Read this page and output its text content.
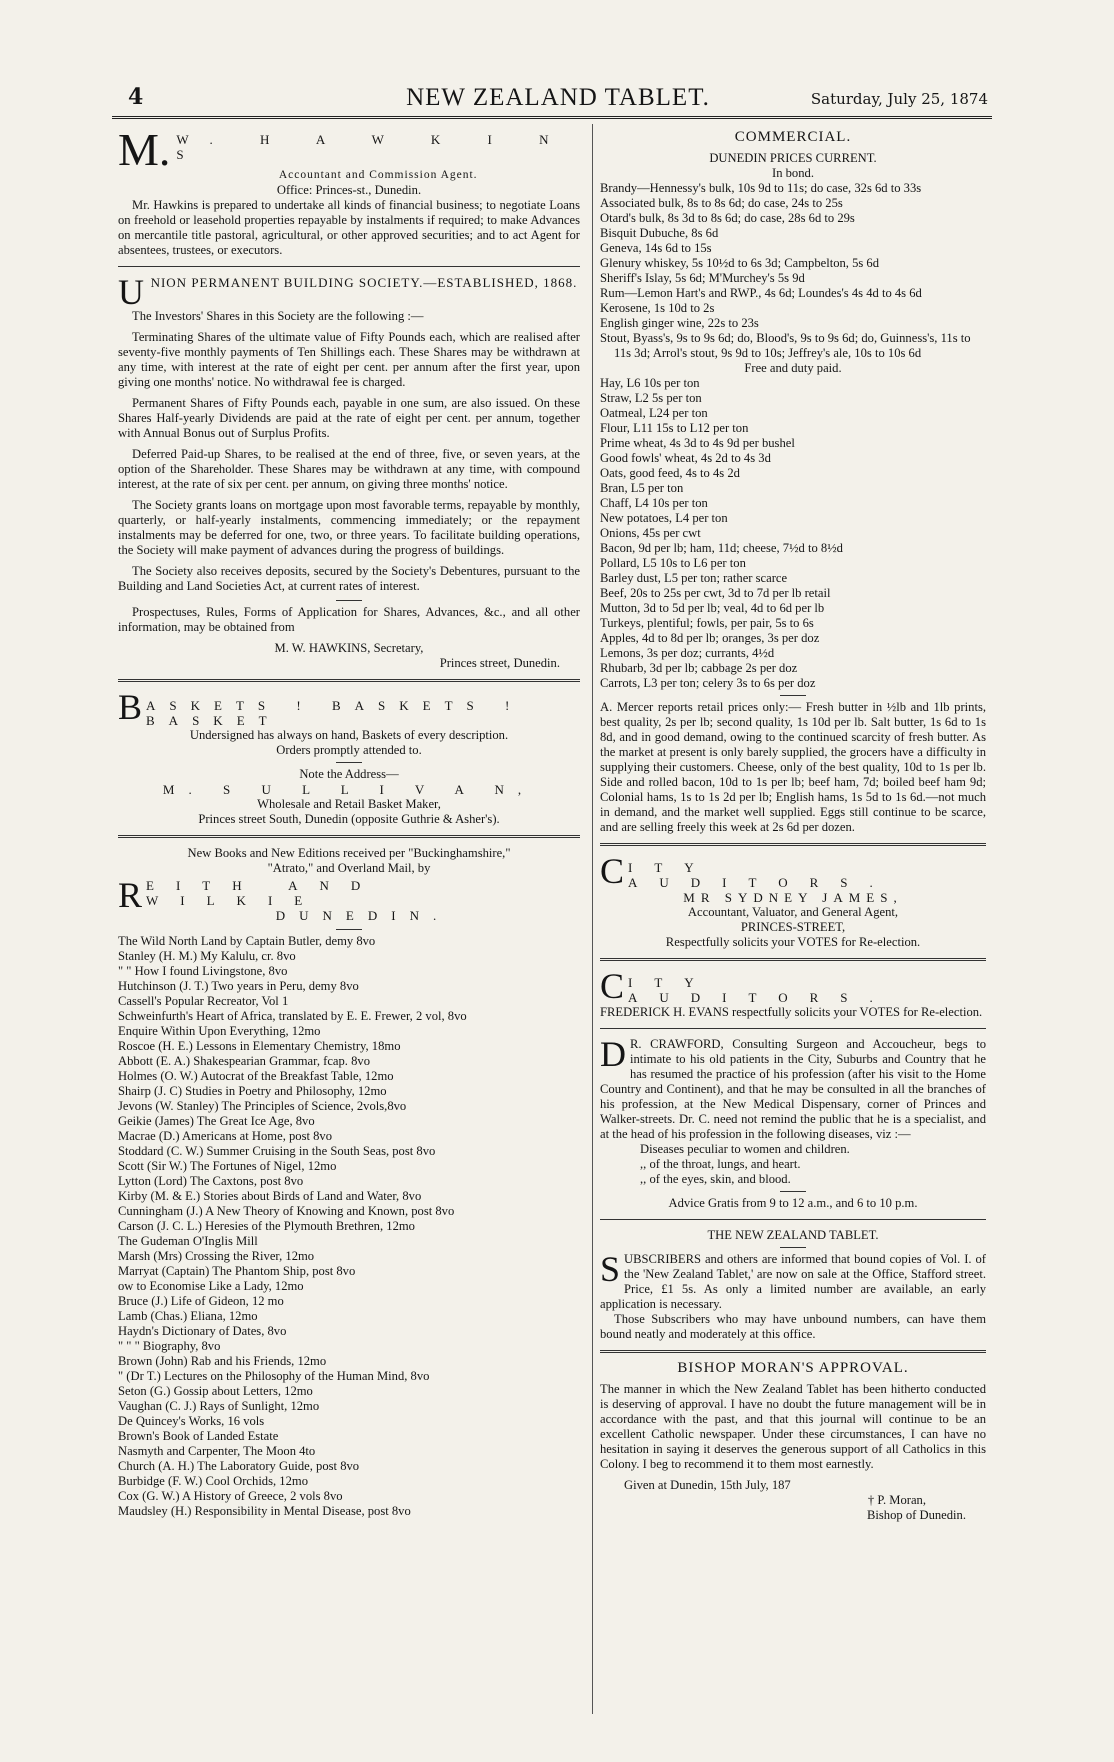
4	NEW ZEALAND TABLET.	Saturday, July 25, 1874
M. W. H A W K I N S
Accountant and Commission Agent.
Office: Princes-st., Dunedin.

Mr. Hawkins is prepared to undertake all kinds of financial business; to negotiate Loans on freehold or leasehold properties repayable by instalments if required; to make Advances on mercantile title pastoral, agricultural, or other approved securities; and to act Agent for absentees, trustees, or executors.

U NION PERMANENT BUILDING SOCIETY.—ESTABLISHED, 1868.

The Investors' Shares in this Society are the following :—

Terminating Shares of the ultimate value of Fifty Pounds each, which are realised after seventy-five monthly payments of Ten Shillings each. These Shares may be withdrawn at any time, with interest at the rate of eight per cent. per annum after the first year, upon giving one months' notice. No withdrawal fee is charged.

Permanent Shares of Fifty Pounds each, payable in one sum, are also issued. On these Shares Half-yearly Dividends are paid at the rate of eight per cent. per annum, together with Annual Bonus out of Surplus Profits.

Deferred Paid-up Shares, to be realised at the end of three, five, or seven years, at the option of the Shareholder. These Shares may be withdrawn at any time, with compound interest, at the rate of six per cent. per annum, on giving three months' notice.

The Society grants loans on mortgage upon most favorable terms, repayable by monthly, quarterly, or half-yearly instalments, commencing immediately; or the repayment instalments may be deferred for one, two, or three years. To facilitate building operations, the Society will make payment of advances during the progress of buildings.

The Society also receives deposits, secured by the Society's Debentures, pursuant to the Building and Land Societies Act, at current rates of interest.

Prospectuses, Rules, Forms of Application for Shares, Advances, &c., and all other information, may be obtained from

M. W. HAWKINS, Secretary,
Princes street, Dunedin.
B ASKETS ! BASKETS ! BASKET
Undersigned has always on hand, Baskets of every description.
Orders promptly attended to.
Note the Address—
M. S U L L I V A N,
Wholesale and Retail Basket Maker,
Princes street South, Dunedin (opposite Guthrie & Asher's).
New Books and New Editions received per "Buckinghamshire,"
"Atrato," and Overland Mail, by
R EITH AND WILKIE
DUNEDIN.
The Wild North Land by Captain Butler, demy 8vo
Stanley (H. M.) My Kalulu, cr. 8vo
" " How I found Livingstone, 8vo
Hutchinson (J. T.) Two years in Peru, demy 8vo
Cassell's Popular Recreator, Vol 1
Schweinfurth's Heart of Africa, translated by E. E. Frewer, 2 vol, 8vo
Enquire Within Upon Everything, 12mo
Roscoe (H. E.) Lessons in Elementary Chemistry, 18mo
Abbott (E. A.) Shakespearian Grammar, fcap. 8vo
Holmes (O. W.) Autocrat of the Breakfast Table, 12mo
Shairp (J. C) Studies in Poetry and Philosophy, 12mo
Jevons (W. Stanley) The Principles of Science, 2vols,8vo
Geikie (James) The Great Ice Age, 8vo
Macrae (D.) Americans at Home, post 8vo
Stoddard (C. W.) Summer Cruising in the South Seas, post 8vo
Scott (Sir W.) The Fortunes of Nigel, 12mo
Lytton (Lord) The Caxtons, post 8vo
Kirby (M. & E.) Stories about Birds of Land and Water, 8vo
Cunningham (J.) A New Theory of Knowing and Known, post 8vo
Carson (J. C. L.) Heresies of the Plymouth Brethren, 12mo
The Gudeman O'Inglis Mill
Marsh (Mrs) Crossing the River, 12mo
Marryat (Captain) The Phantom Ship, post 8vo
ow to Economise Like a Lady, 12mo
Bruce (J.) Life of Gideon, 12 mo
Lamb (Chas.) Eliana, 12mo
Haydn's Dictionary of Dates, 8vo
" " " Biography, 8vo
Brown (John) Rab and his Friends, 12mo
" (Dr T.) Lectures on the Philosophy of the Human Mind, 8vo
Seton (G.) Gossip about Letters, 12mo
Vaughan (C. J.) Rays of Sunlight, 12mo
De Quincey's Works, 16 vols
Brown's Book of Landed Estate
Nasmyth and Carpenter, The Moon 4to
Church (A. H.) The Laboratory Guide, post 8vo
Burbidge (F. W.) Cool Orchids, 12mo
Cox (G. W.) A History of Greece, 2 vols 8vo
Maudsley (H.) Responsibility in Mental Disease, post 8vo
COMMERCIAL.
DUNEDIN PRICES CURRENT.
In bond.
Brandy—Hennessy's bulk, 10s 9d to 11s; do case, 32s 6d to 33s
Associated bulk, 8s to 8s 6d; do case, 24s to 25s
Otard's bulk, 8s 3d to 8s 6d; do case, 28s 6d to 29s
Bisquit Dubuche, 8s 6d
Geneva, 14s 6d to 15s
Glenury whiskey, 5s 10½d to 6s 3d; Campbelton, 5s 6d
Sheriff's Islay, 5s 6d; M'Murchey's 5s 9d
Rum—Lemon Hart's and RWP., 4s 6d; Loundes's 4s 4d to 4s 6d
Kerosene, 1s 10d to 2s
English ginger wine, 22s to 23s
Stout, Byass's, 9s to 9s 6d; do, Blood's, 9s to 9s 6d; do, Guinness's, 11s to 11s 3d; Arrol's stout, 9s 9d to 10s; Jeffrey's ale, 10s to 10s 6d
Free and duty paid.
Hay, L6 10s per ton
Straw, L2 5s per ton
Oatmeal, L24 per ton
Flour, L11 15s to L12 per ton
Prime wheat, 4s 3d to 4s 9d per bushel
Good fowls' wheat, 4s 2d to 4s 3d
Oats, good feed, 4s to 4s 2d
Bran, L5 per ton
Chaff, L4 10s per ton
New potatoes, L4 per ton
Onions, 45s per cwt
Bacon, 9d per lb; ham, 11d; cheese, 7½d to 8½d
Pollard, L5 10s to L6 per ton
Barley dust, L5 per ton; rather scarce
Beef, 20s to 25s per cwt, 3d to 7d per lb retail
Mutton, 3d to 5d per lb; veal, 4d to 6d per lb
Turkeys, plentiful; fowls, per pair, 5s to 6s
Apples, 4d to 8d per lb; oranges, 3s per doz
Lemons, 3s per doz; currants, 4½d
Rhubarb, 3d per lb; cabbage 2s per doz
Carrots, L3 per ton; celery 3s to 6s per doz

A. Mercer reports retail prices only:— Fresh butter in ½lb and 1lb prints, best quality, 2s per lb; second quality, 1s 10d per lb. Salt butter, 1s 6d to 1s 8d, and in good demand, owing to the continued scarcity of fresh butter. As the market at present is only barely supplied, the grocers have a difficulty in supplying their customers. Cheese, only of the best quality, 10d to 1s per lb. Side and rolled bacon, 10d to 1s per lb; beef ham, 7d; boiled beef ham 9d; Colonial hams, 1s to 1s 2d per lb; English hams, 1s 5d to 1s 6d.—not much in demand, and the market well supplied. Eggs still continue to be scarce, and are selling freely this week at 2s 6d per dozen.

C ITY AUDITORS.
MR SYDNEY JAMES,
Accountant, Valuator, and General Agent,
PRINCES-STREET,
Respectfully solicits your VOTES for Re-election.
C ITY AUDITORS.

FREDERICK H. EVANS respectfully solicits your VOTES for Re-election.

D R. CRAWFORD, Consulting Surgeon and Accoucheur, begs to intimate to his old patients in the City, Suburbs and Country that he has resumed the practice of his profession (after his visit to the Home Country and Continent), and that he may be consulted in all the branches of his profession, at the New Medical Dispensary, corner of Princes and Walker-streets. Dr. C. need not remind the public that he is a specialist, and at the head of his profession in the following diseases, viz :—
Diseases peculiar to women and children.
,, of the throat, lungs, and heart.
,, of the eyes, skin, and blood.
Advice Gratis from 9 to 12 a.m., and 6 to 10 p.m.
THE NEW ZEALAND TABLET.
S UBSCRIBERS and others are informed that bound copies of Vol. I. of the 'New Zealand Tablet,' are now on sale at the Office, Stafford street. Price, £1 5s. As only a limited number are available, an early application is necessary.

Those Subscribers who may have unbound numbers, can have them bound neatly and moderately at this office.

BISHOP MORAN'S APPROVAL.

The manner in which the New Zealand Tablet has been hitherto conducted is deserving of approval. I have no doubt the future management will be in accordance with the past, and that this journal will continue to be an excellent Catholic newspaper. Under these circumstances, I can have no hesitation in saying it deserves the generous support of all Catholics in this Colony. I beg to recommend it to them most earnestly.

Given at Dunedin, 15th July, 187
† P. Moran,
Bishop of Dunedin.
